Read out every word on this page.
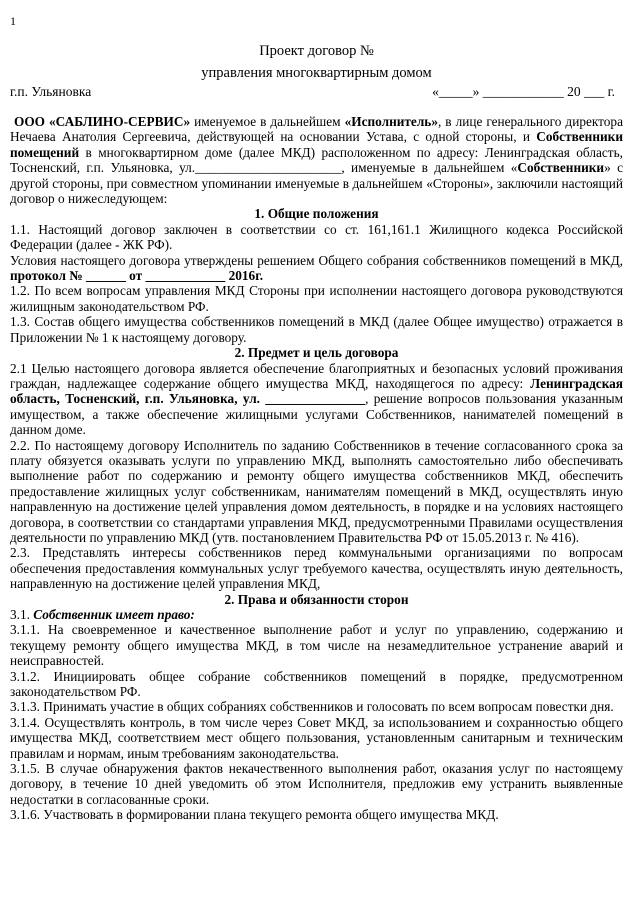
1
Проект договор №
управления многоквартирным домом
г.п. Ульяновка	«_____» ____________ 20 ___ г.

ООО «САБЛИНО-СЕРВИС» именуемое в дальнейшем «Исполнитель», в лице генерального директора Нечаева Анатолия Сергеевича, действующей на основании Устава, с одной стороны, и Собственники помещений в многоквартирном доме (далее МКД) расположенном по адресу: Ленинградская область, Тосненский, г.п. Ульяновка, ул.______________________, именуемые в дальнейшем «Собственники» с другой стороны, при совместном упоминании именуемые в дальнейшем «Стороны», заключили настоящий договор о нижеследующем:

1. Общие положения

1.1. Настоящий договор заключен в соответствии со ст. 161,161.1 Жилищного кодекса Российской Федерации (далее - ЖК РФ).

Условия настоящего договора утверждены решением Общего собрания собственников помещений в МКД, протокол № ______ от ____________ 2016г.

1.2. По всем вопросам управления МКД Стороны при исполнении настоящего договора руководствуются жилищным законодательством РФ.

1.3. Состав общего имущества собственников помещений в МКД (далее Общее имущество) отражается в Приложении № 1 к настоящему договору.

2. Предмет и цель договора

2.1 Целью настоящего договора является обеспечение благоприятных и безопасных условий проживания граждан, надлежащее содержание общего имущества МКД, находящегося по адресу: Ленинградская область, Тосненский, г.п. Ульяновка, ул. _______________, решение вопросов пользования указанным имуществом, а также обеспечение жилищными услугами Собственников, нанимателей помещений в данном доме.

2.2. По настоящему договору Исполнитель по заданию Собственников в течение согласованного срока за плату обязуется оказывать услуги по управлению МКД, выполнять самостоятельно либо обеспечивать выполнение работ по содержанию и ремонту общего имущества собственников МКД, обеспечить предоставление жилищных услуг собственникам, нанимателям помещений в МКД, осуществлять иную направленную на достижение целей управления домом деятельность, в порядке и на условиях настоящего договора, в соответствии со стандартами управления МКД, предусмотренными Правилами осуществления деятельности по управлению МКД (утв. постановлением Правительства РФ от 15.05.2013 г. № 416).

2.3. Представлять интересы собственников перед коммунальными организациями по вопросам обеспечения предоставления коммунальных услуг требуемого качества, осуществлять иную деятельность, направленную на достижение целей управления МКД,

2. Права и обязанности сторон

3.1. Собственник имеет право:

3.1.1. На своевременное и качественное выполнение работ и услуг по управлению, содержанию и текущему ремонту общего имущества МКД, в том числе на незамедлительное устранение аварий и неисправностей.

3.1.2. Инициировать общее собрание собственников помещений в порядке, предусмотренном законодательством РФ.

3.1.3. Принимать участие в общих собраниях собственников и голосовать по всем вопросам повестки дня.

3.1.4. Осуществлять контроль, в том числе через Совет МКД, за использованием и сохранностью общего имущества МКД, соответствием мест общего пользования, установленным санитарным и техническим правилам и нормам, иным требованиям законодательства.

3.1.5. В случае обнаружения фактов некачественного выполнения работ, оказания услуг по настоящему договору, в течение 10 дней уведомить об этом Исполнителя, предложив ему устранить выявленные недостатки в согласованные сроки.

3.1.6. Участвовать в формировании плана текущего ремонта общего имущества МКД.
